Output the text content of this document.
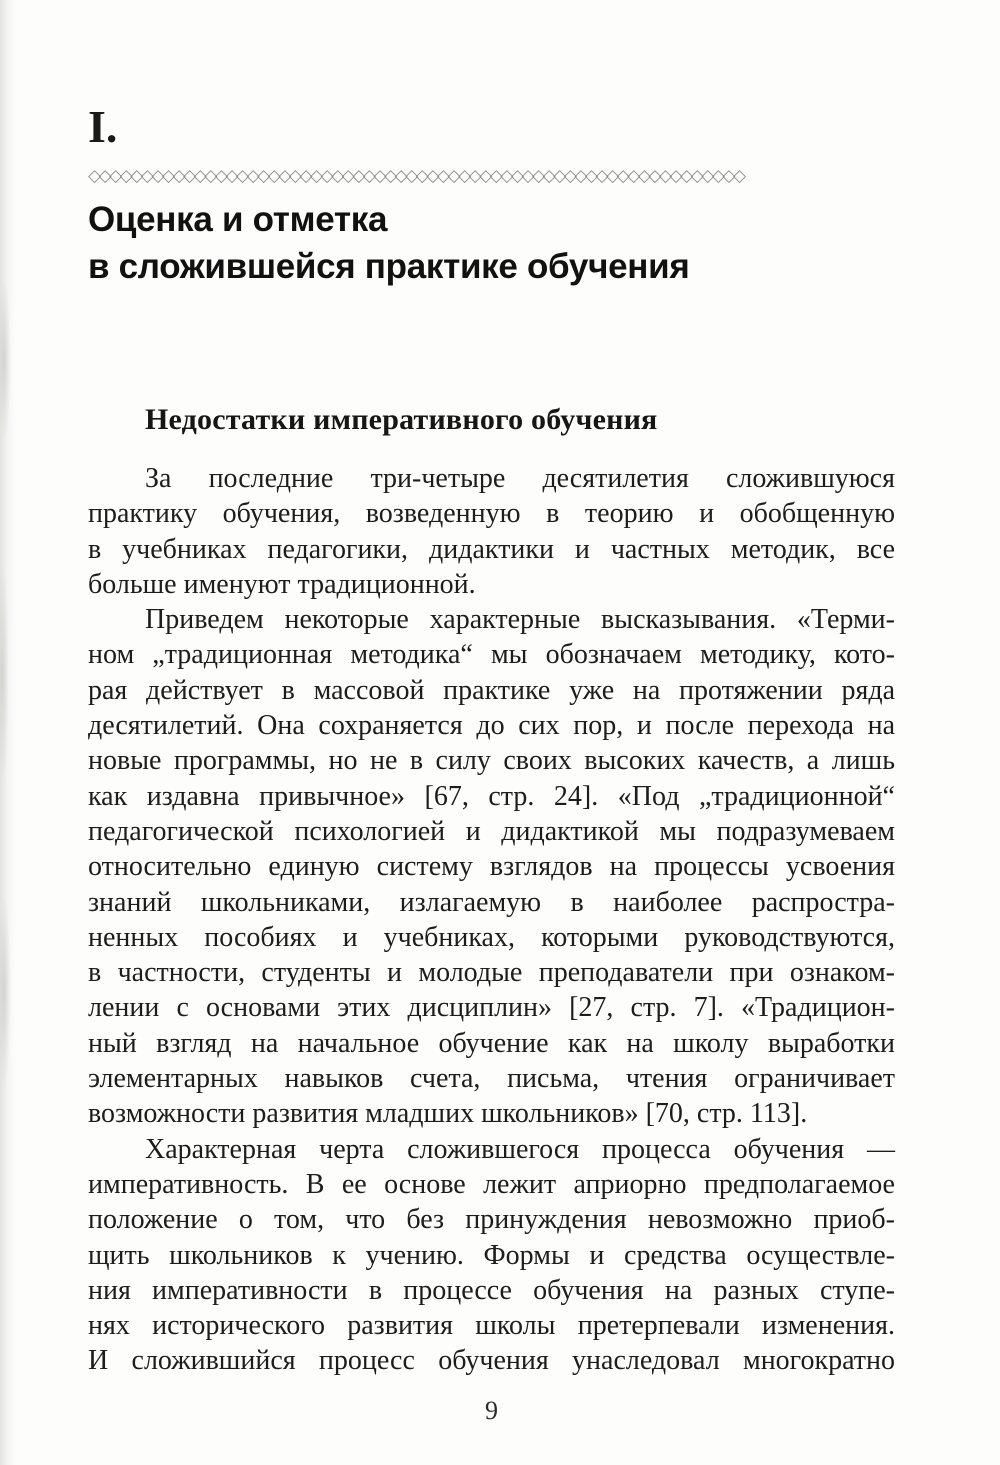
I.
◇◇◇◇◇◇◇◇◇◇◇◇◇◇◇◇◇◇◇◇◇◇◇◇◇◇◇◇◇◇◇◇◇◇◇◇◇◇◇◇◇◇◇◇◇◇◇◇◇◇◇◇◇◇◇◇◇◇◇◇◇◇
Оценка и отметка
в сложившейся практике обучения
Недостатки императивного обучения
За последние три-четыре десятилетия сложившуюся
практику обучения, возведенную в теорию и обобщенную
в учебниках педагогики, дидактики и частных методик, все
больше именуют традиционной.
Приведем некоторые характерные высказывания. «Терми-
ном „традиционная методика“ мы обозначаем методику, кото-
рая действует в массовой практике уже на протяжении ряда
десятилетий. Она сохраняется до сих пор, и после перехода на
новые программы, но не в силу своих высоких качеств, а лишь
как издавна привычное» [67, стр. 24]. «Под „традиционной“
педагогической психологией и дидактикой мы подразумеваем
относительно единую систему взглядов на процессы усвоения
знаний школьниками, излагаемую в наиболее распростра-
ненных пособиях и учебниках, которыми руководствуются,
в частности, студенты и молодые преподаватели при ознаком-
лении с основами этих дисциплин» [27, стр. 7]. «Традицион-
ный взгляд на начальное обучение как на школу выработки
элементарных навыков счета, письма, чтения ограничивает
возможности развития младших школьников» [70, стр. 113].
Характерная черта сложившегося процесса обучения —
императивность. В ее основе лежит априорно предполагаемое
положение о том, что без принуждения невозможно приоб-
щить школьников к учению. Формы и средства осуществле-
ния императивности в процессе обучения на разных ступе-
нях исторического развития школы претерпевали изменения.
И сложившийся процесс обучения унаследовал многократно
9
